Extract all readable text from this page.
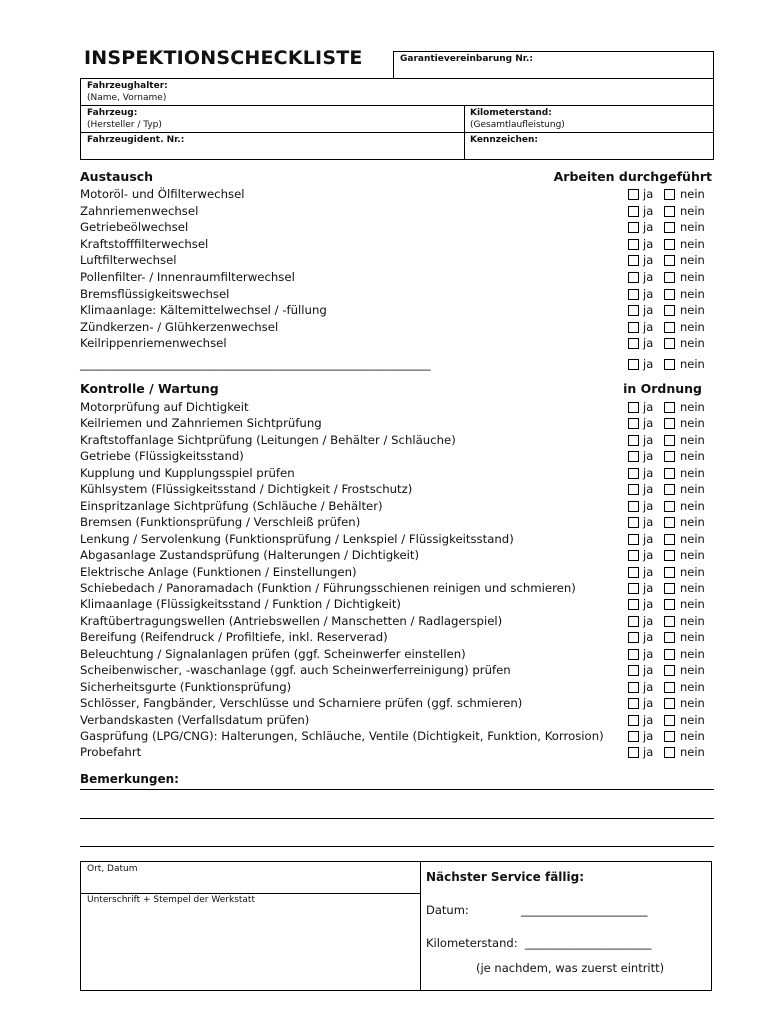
INSPEKTIONSCHECKLISTE	Garantievereinbarung Nr.:
Fahrzeughalter:
(Name, Vorname)
Fahrzeug:
(Hersteller / Typ)
Kilometerstand:
(Gesamtlaufleistung)
Fahrzeugident. Nr.:	Kennzeichen:
Austausch	Arbeiten durchgeführt
Motoröl- und Ölfilterwechsel	ja nein
Zahnriemenwechsel	ja nein
Getriebeölwechsel	ja nein
Kraftstofffilterwechsel	ja nein
Luftfilterwechsel	ja nein
Pollenfilter- / Innenraumfilterwechsel	ja nein
Bremsflüssigkeitswechsel	ja nein
Klimaanlage: Kältemittelwechsel / -füllung	ja nein
Zündkerzen- / Glühkerzenwechsel	ja nein
Keilrippenriemenwechsel	ja nein
____________________________________________________________	ja nein
Kontrolle / Wartung	in Ordnung
Motorprüfung auf Dichtigkeit	ja nein
Keilriemen und Zahnriemen Sichtprüfung	ja nein
Kraftstoffanlage Sichtprüfung (Leitungen / Behälter / Schläuche)	ja nein
Getriebe (Flüssigkeitsstand)	ja nein
Kupplung und Kupplungsspiel prüfen	ja nein
Kühlsystem (Flüssigkeitsstand / Dichtigkeit / Frostschutz)	ja nein
Einspritzanlage Sichtprüfung (Schläuche / Behälter)	ja nein
Bremsen (Funktionsprüfung / Verschleiß prüfen)	ja nein
Lenkung / Servolenkung (Funktionsprüfung / Lenkspiel / Flüssigkeitsstand)	ja nein
Abgasanlage Zustandsprüfung (Halterungen / Dichtigkeit)	ja nein
Elektrische Anlage (Funktionen / Einstellungen)	ja nein
Schiebedach / Panoramadach (Funktion / Führungsschienen reinigen und schmieren)	ja nein
Klimaanlage (Flüssigkeitsstand / Funktion / Dichtigkeit)	ja nein
Kraftübertragungswellen (Antriebswellen / Manschetten / Radlagerspiel)	ja nein
Bereifung (Reifendruck / Profiltiefe, inkl. Reserverad)	ja nein
Beleuchtung / Signalanlagen prüfen (ggf. Scheinwerfer einstellen)	ja nein
Scheibenwischer, -waschanlage (ggf. auch Scheinwerferreinigung) prüfen	ja nein
Sicherheitsgurte (Funktionsprüfung)	ja nein
Schlösser, Fangbänder, Verschlüsse und Scharniere prüfen (ggf. schmieren)	ja nein
Verbandskasten (Verfallsdatum prüfen)	ja nein
Gasprüfung (LPG/CNG): Halterungen, Schläuche, Ventile (Dichtigkeit, Funktion, Korrosion)	ja nein
Probefahrt	ja nein
Bemerkungen:
Ort, Datum
Unterschrift + Stempel der Werkstatt
Nächster Service fällig:
Datum:	______________________
Kilometerstand: ______________________
(je nachdem, was zuerst eintritt)
